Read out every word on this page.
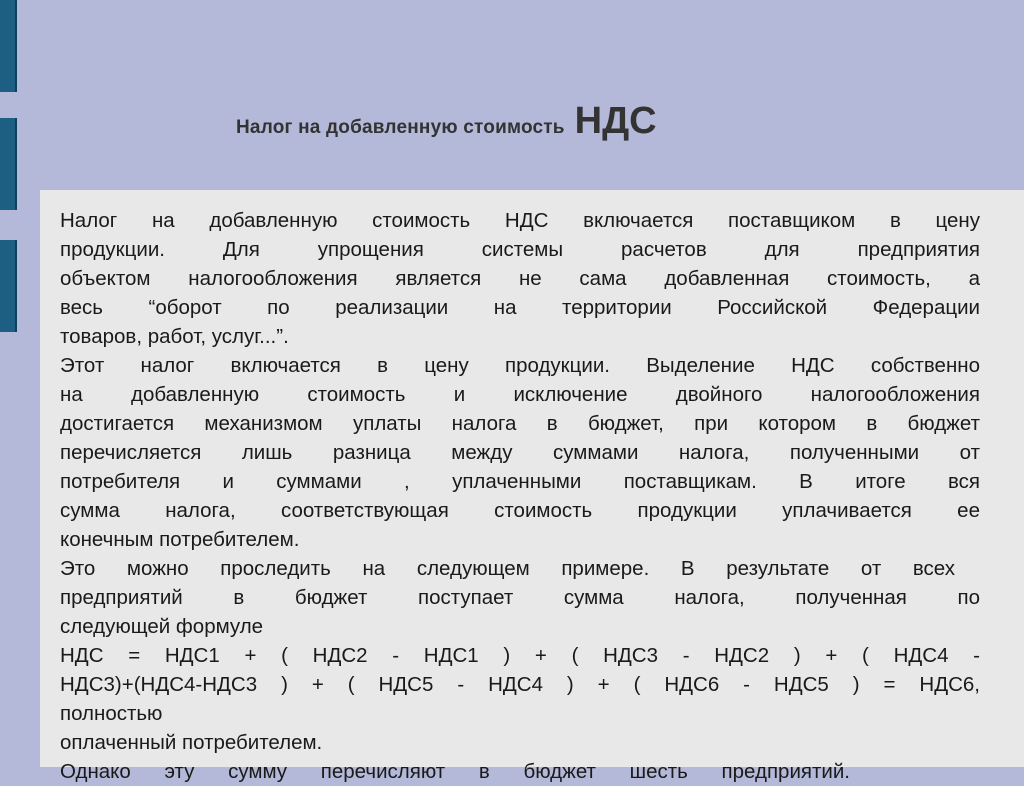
Налог на добавленную стоимость НДС
Налог на добавленную стоимость НДС включается поставщиком в цену
продукции. Для упрощения системы расчетов для предприятия
объектом налогообложения является не сама добавленная стоимость, а
весь “оборот по реализации на территории Российской Федерации
товаров, работ, услуг...”.
Этот налог включается в цену продукции. Выделение НДС собственно
на добавленную стоимость и исключение двойного налогообложения
достигается механизмом уплаты налога в бюджет, при котором в бюджет
перечисляется лишь разница между суммами налога, полученными от
потребителя и суммами , уплаченными поставщикам. В итоге вся
сумма налога, соответствующая стоимость продукции уплачивается ее
конечным потребителем.
Это можно проследить на следующем примере. В результате от всех
предприятий в бюджет поступает сумма налога, полученная по
следующей формуле
НДС = НДС1 + ( НДС2 - НДС1 ) + ( НДС3 - НДС2 ) + ( НДС4 -
НДС3)+(НДС4-НДС3 ) + ( НДС5 - НДС4 ) + ( НДС6 - НДС5 ) = НДС6,
полностью
оплаченный потребителем.
Однако эту сумму перечисляют в бюджет шесть предприятий.
